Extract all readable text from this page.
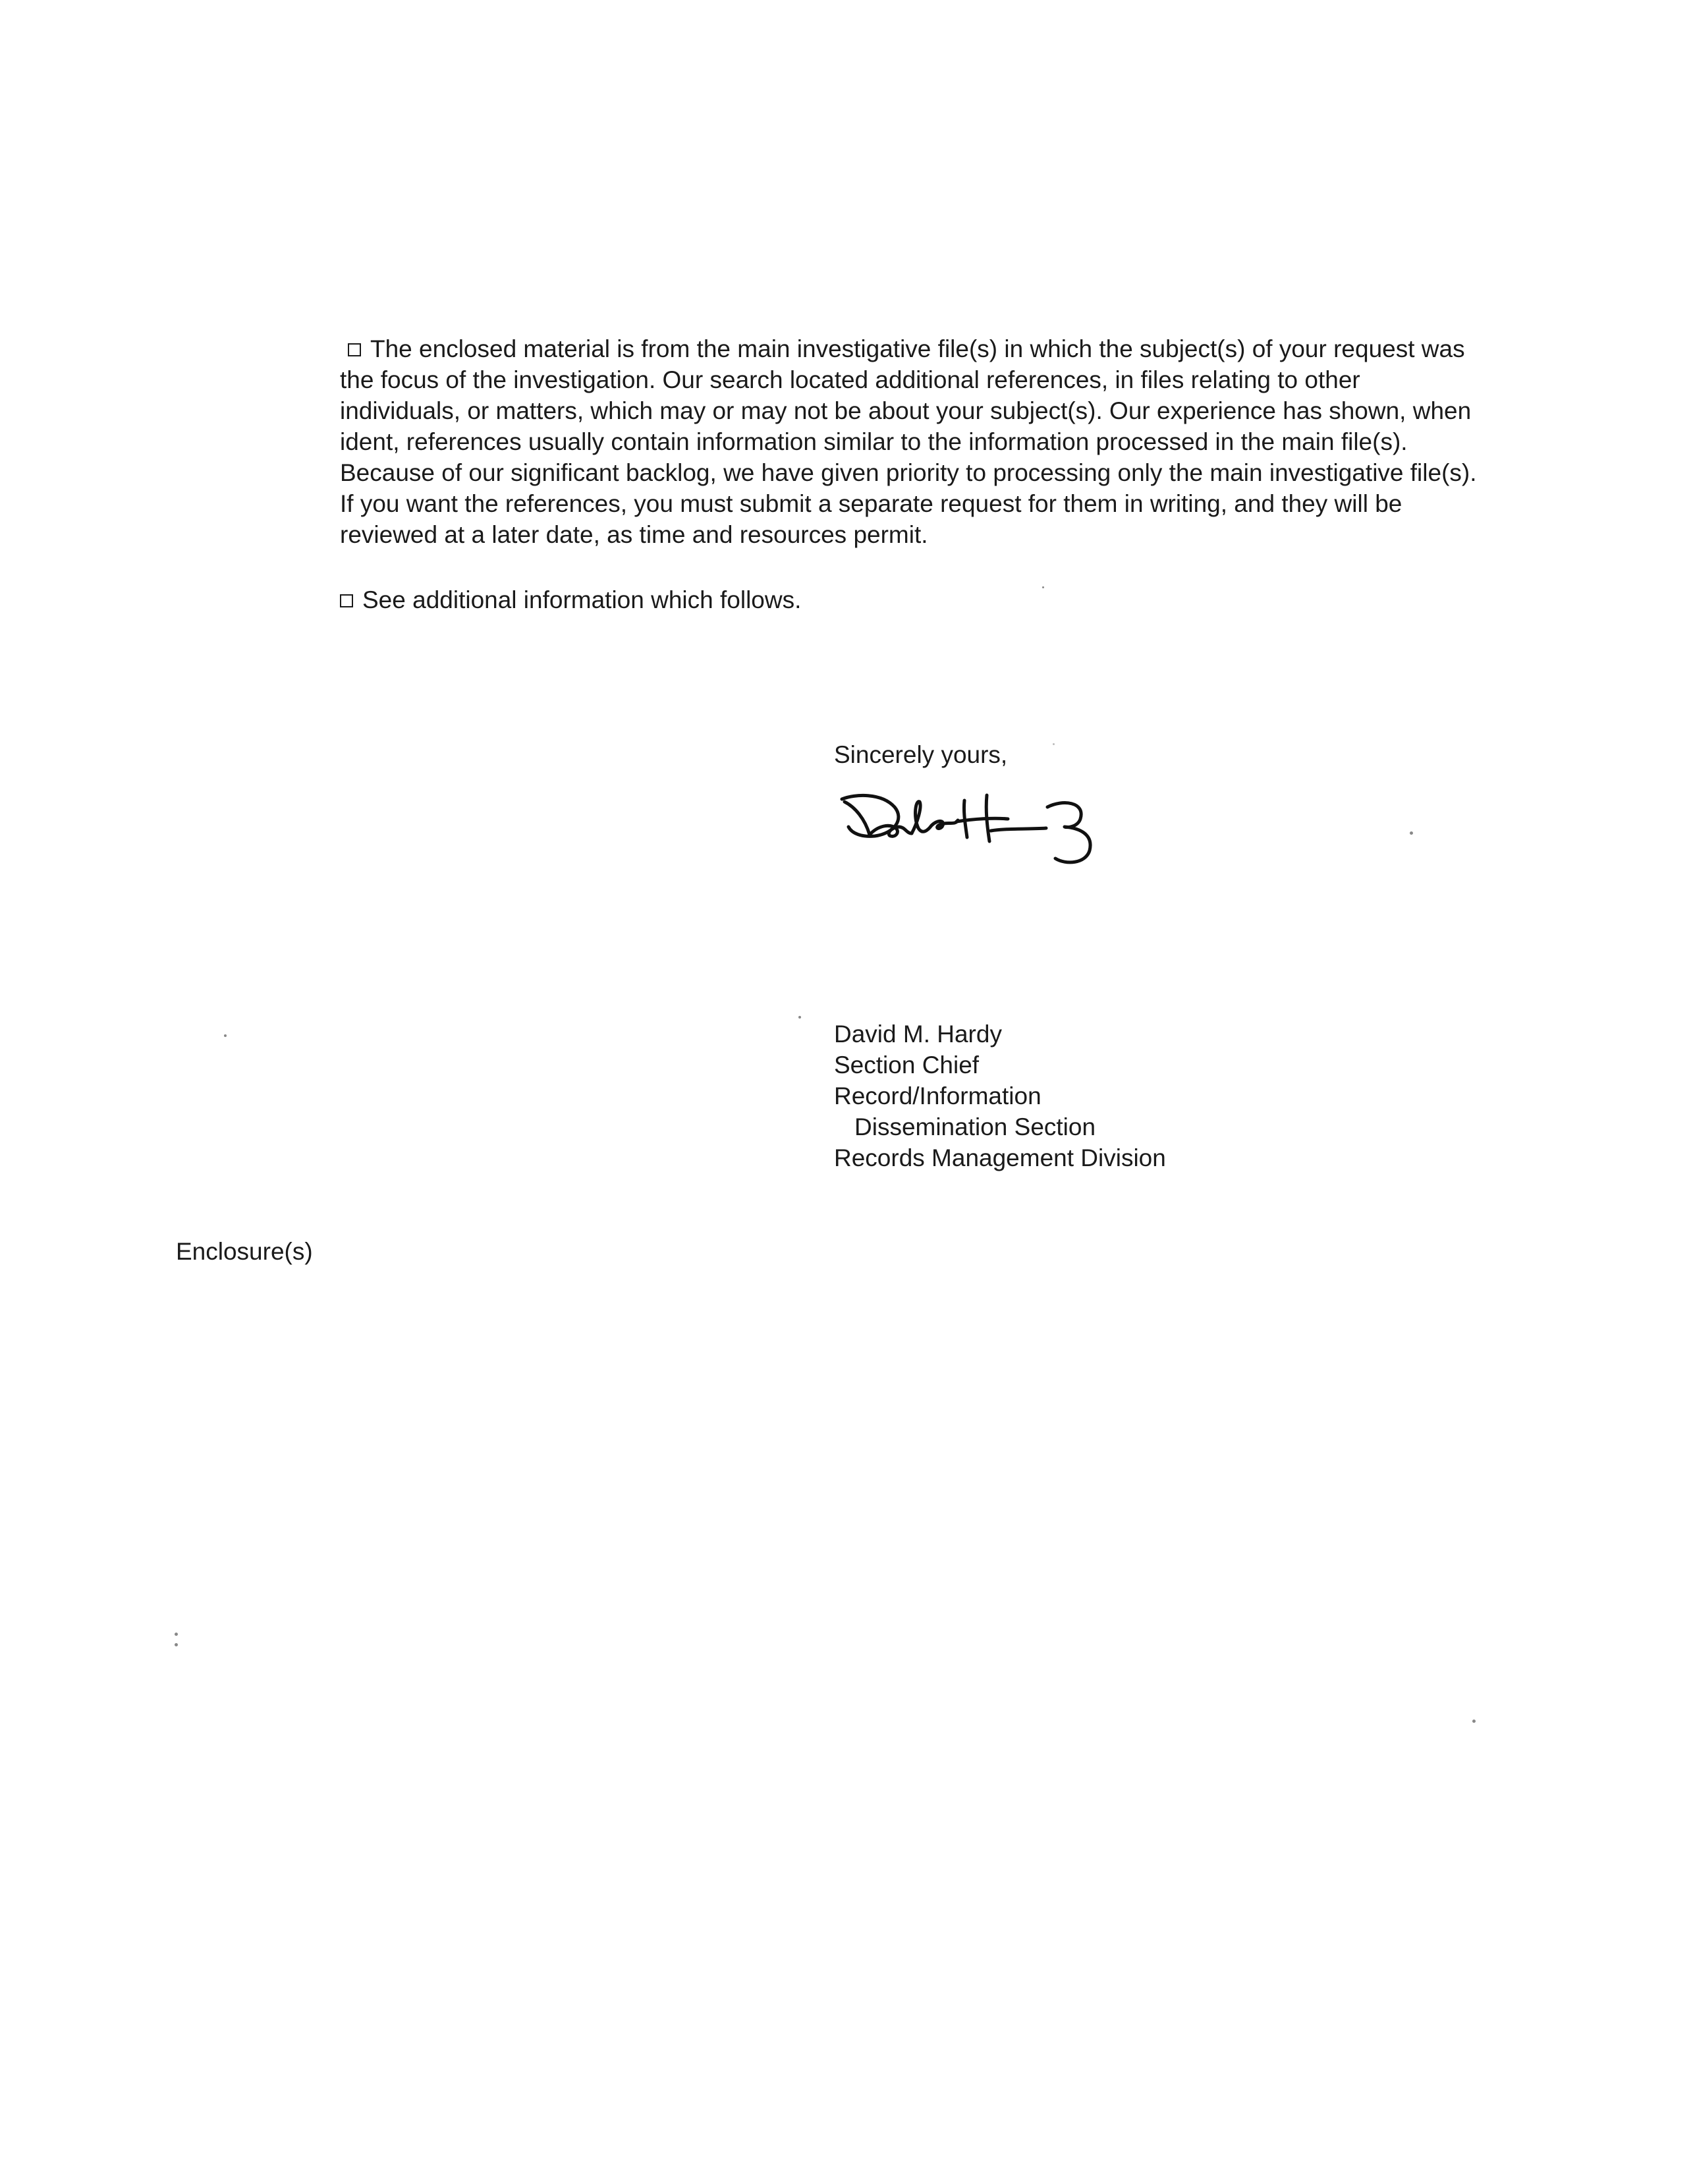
The enclosed material is from the main investigative file(s) in which the subject(s) of your request was the focus of the investigation. Our search located additional references, in files relating to other individuals, or matters, which may or may not be about your subject(s). Our experience has shown, when ident, references usually contain information similar to the information processed in the main file(s). Because of our significant backlog, we have given priority to processing only the main investigative file(s). If you want the references, you must submit a separate request for them in writing, and they will be reviewed at a later date, as time and resources permit.
See additional information which follows.
Sincerely yours,
David M. Hardy
Section Chief
Record/Information
Dissemination Section
Records Management Division
Enclosure(s)
